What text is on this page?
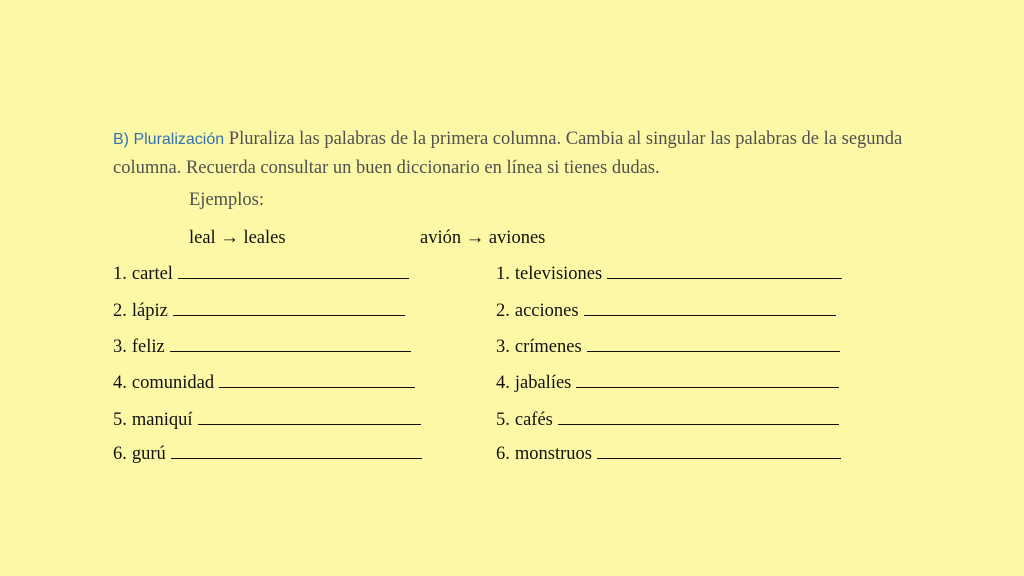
B) Pluralización Pluraliza las palabras de la primera columna. Cambia al singular las palabras de la segunda columna. Recuerda consultar un buen diccionario en línea si tienes dudas.
Ejemplos:
leal → leales	avión → aviones
1. cartel
2. lápiz
3. feliz
4. comunidad
5. maniquí
6. gurú
1. televisiones
2. acciones
3. crímenes
4. jabalíes
5. cafés
6. monstruos
